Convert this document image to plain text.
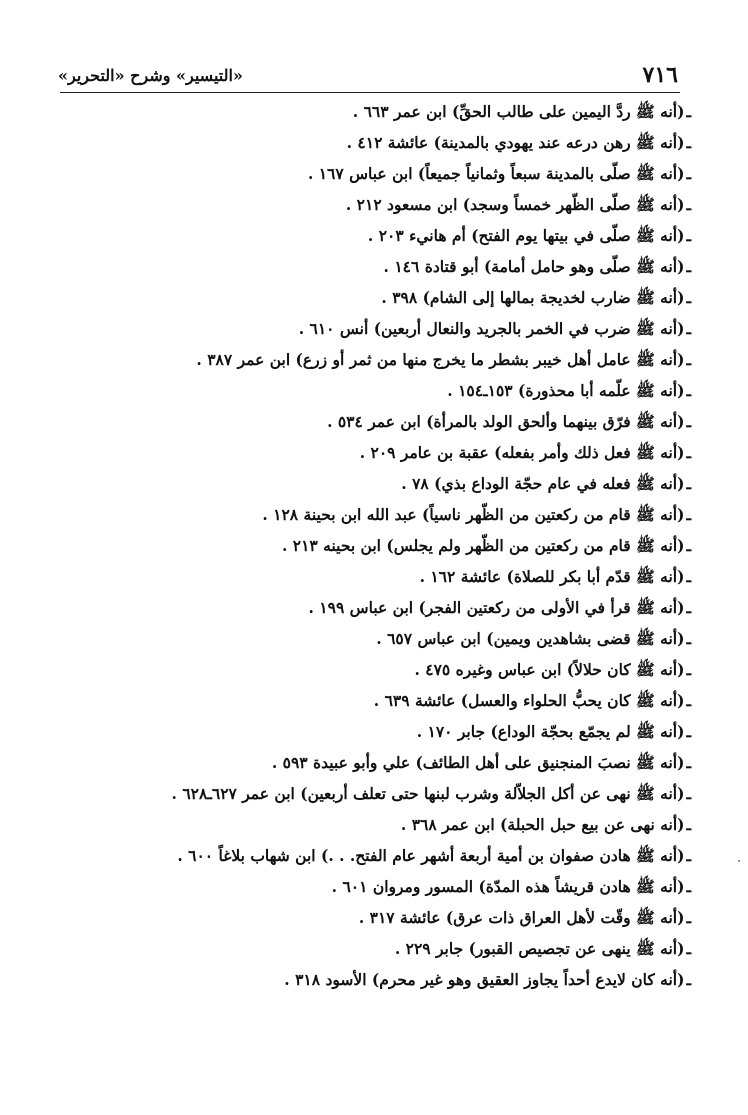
٧١٦
«التيسير» وشرح «التحرير»
ـ(أنه ﷺ ردَّ اليمين على طالب الحقِّ) ابن عمر ٦٦٣ .
ـ(أنه ﷺ رهن درعه عند يهودي بالمدينة) عائشة ٤١٢ .
ـ(أنه ﷺ صلّى بالمدينة سبعاً وثمانياً جميعاً) ابن عباس ١٦٧ .
ـ(أنه ﷺ صلّى الظّهر خمساً وسجد) ابن مسعود ٢١٢ .
ـ(أنه ﷺ صلّى في بيتها يوم الفتح) أم هانيء ٢٠٣ .
ـ(أنه ﷺ صلّى وهو حامل أمامة) أبو قتادة ١٤٦ .
ـ(أنه ﷺ ضارب لخديجة بمالها إلى الشام) ٣٩٨ .
ـ(أنه ﷺ ضرب في الخمر بالجريد والنعال أربعين) أنس ٦١٠ .
ـ(أنه ﷺ عامل أهل خيبر بشطر ما يخرج منها من ثمر أو زرع) ابن عمر ٣٨٧ .
ـ(أنه ﷺ علّمه أبا محذورة) ١٥٣ـ١٥٤ .
ـ(أنه ﷺ فرّق بينهما وألحق الولد بالمرأة) ابن عمر ٥٣٤ .
ـ(أنه ﷺ فعل ذلك وأمر بفعله) عقبة بن عامر ٢٠٩ .
ـ(أنه ﷺ فعله في عام حجّة الوداع بذي) ٧٨ .
ـ(أنه ﷺ قام من ركعتين من الظّهر ناسياً) عبد الله ابن بحينة ١٢٨ .
ـ(أنه ﷺ قام من ركعتين من الظّهر ولم يجلس) ابن بحينه ٢١٣ .
ـ(أنه ﷺ قدّم أبا بكر للصلاة) عائشة ١٦٢ .
ـ(أنه ﷺ قرأ في الأولى من ركعتين الفجر) ابن عباس ١٩٩ .
ـ(أنه ﷺ قضى بشاهدين ويمين) ابن عباس ٦٥٧ .
ـ(أنه ﷺ كان حلالاً) ابن عباس وغيره ٤٧٥ .
ـ(أنه ﷺ كان يحبُّ الحلواء والعسل) عائشة ٦٣٩ .
ـ(أنه ﷺ لم يجمّع بحجّة الوداع) جابر ١٧٠ .
ـ(أنه ﷺ نصبَ المنجنيق على أهل الطائف) علي وأبو عبيدة ٥٩٣ .
ـ(أنه ﷺ نهى عن أكل الجلاّلة وشرب لبنها حتى تعلف أربعين) ابن عمر ٦٢٧ـ٦٢٨ .
ـ(أنه نهى عن بيع حبل الحبلة) ابن عمر ٣٦٨ .
ـ(أنه ﷺ هادن صفوان بن أمية أربعة أشهر عام الفتح. . .) ابن شهاب بلاغاً ٦٠٠ .
ـ(أنه ﷺ هادن قريشاً هذه المدّة) المسور ومروان ٦٠١ .
ـ(أنه ﷺ وقّت لأهل العراق ذات عرق) عائشة ٣١٧ .
ـ(أنه ﷺ ينهى عن تجصيص القبور) جابر ٢٢٩ .
ـ(أنه كان لايدع أحداً يجاوز العقيق وهو غير محرم) الأسود ٣١٨ .
